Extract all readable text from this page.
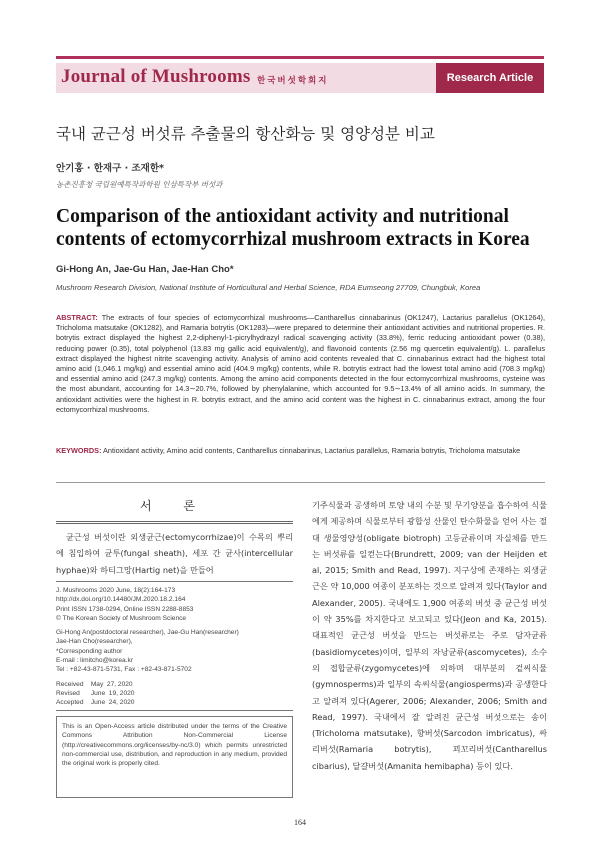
Journal of Mushrooms 한국버섯학회지	Research Article
국내 균근성 버섯류 추출물의 항산화능 및 영양성분 비교
안기홍 · 한재구 · 조재한*
농촌진흥청 국립원예특작과학원 인삼특작부 버섯과
Comparison of the antioxidant activity and nutritional contents of ectomycorrhizal mushroom extracts in Korea
Gi-Hong An, Jae-Gu Han, Jae-Han Cho*
Mushroom Research Division, National Institute of Horticultural and Herbal Science, RDA Eumseong 27709, Chungbuk, Korea
ABSTRACT: The extracts of four species of ectomycorrhizal mushrooms—Cantharellus cinnabarinus (OK1247), Lactarius parallelus (OK1264), Tricholoma matsutake (OK1282), and Ramaria botrytis (OK1283)—were prepared to determine their antioxidant activities and nutritional properties. R. botrytis extract displayed the highest 2,2-diphenyl-1-picrylhydrazyl radical scavenging activity (33.8%), ferric reducing antioxidant power (0.38), reducing power (0.35), total polyphenol (13.83 mg gallic acid equivalent/g), and flavonoid contents (2.56 mg quercetin equivalent/g). L. parallelus extract displayed the highest nitrite scavenging activity. Analysis of amino acid contents revealed that C. cinnabarinus extract had the highest total amino acid (1,046.1 mg/kg) and essential amino acid (404.9 mg/kg) contents, while R. botrytis extract had the lowest total amino acid (708.3 mg/kg) and essential amino acid (247.3 mg/kg) contents. Among the amino acid components detected in the four ectomycorrhizal mushrooms, cysteine was the most abundant, accounting for 14.3∼20.7%, followed by phenylalanine, which accounted for 9.5∼13.4% of all amino acids. In summary, the antioxidant activities were the highest in R. botrytis extract, and the amino acid content was the highest in C. cinnabarinus extract, among the four ectomycorrhizal mushrooms.
KEYWORDS: Antioxidant activity, Amino acid contents, Cantharellus cinnabarinus, Lactarius parallelus, Ramaria botrytis, Tricholoma matsutake
서 론
균근성 버섯이란 외생균근(ectomycorrhizae)이 수목의 뿌리에 침입하여 균투(fungal sheath), 세포 간 균사(intercellular hyphae)와 하티그망(Hartig net)을 만들어
J. Mushrooms 2020 June, 18(2):164-173
http://dx.doi.org/10.14480/JM.2020.18.2.164
Print ISSN 1738-0294, Online ISSN 2288-8853
© The Korean Society of Mushroom Science
Gi-Hong An(postdoctoral researcher), Jae-Gu Han(researcher)
Jae-Han Cho(researcher),
*Corresponding author
E-mail : limitcho@korea.kr
Tel : +82-43-871-5731, Fax : +82-43-871-5702
Received    May  27, 2020
Revised      June  19, 2020
Accepted    June  24, 2020
This is an Open-Access article distributed under the terms of the Creative Commons Attribution Non-Commercial License (http://creativecommons.org/licenses/by-nc/3.0) which permits unrestricted non-commercial use, distribution, and reproduction in any medium, provided the original work is properly cited.
기주식물과 공생하며 토양 내의 수분 및 무기양분을 흡수하여 식물에게 제공하며 식물로부터 광합성 산물인 탄수화물을 얻어 사는 절대 생물영양성(obligate biotroph) 고등균류이며 자실체를 만드는 버섯류를 일컫는다(Brundrett, 2009; van der Heijden et al, 2015; Smith and Read, 1997). 지구상에 존재하는 외생균근은 약 10,000 여종이 분포하는 것으로 알려져 있다(Taylor and Alexander, 2005). 국내에도 1,900 여종의 버섯 중 균근성 버섯이 약 35%를 차지한다고 보고되고 있다(Jeon and Ka, 2015). 대표적인 균근성 버섯을 만드는 버섯류로는 주로 담자균류(basidiomycetes)이며, 일부의 자낭균류(ascomycetes), 소수의 접합균류(zygomycetes)에 의하며 대부분의 겉씨식물(gymnosperms)과 일부의 속씨식물(angiosperms)과 공생한다고 알려져 있다(Agerer, 2006; Alexander, 2006; Smith and Read, 1997). 국내에서 잘 알려진 균근성 버섯으로는 송이(Tricholoma matsutake), 향버섯(Sarcodon imbricatus), 싸리버섯(Ramaria botrytis), 꾀꼬리버섯(Cantharellus cibarius), 달걀버섯(Amanita hemibapha) 등이 있다.
164
